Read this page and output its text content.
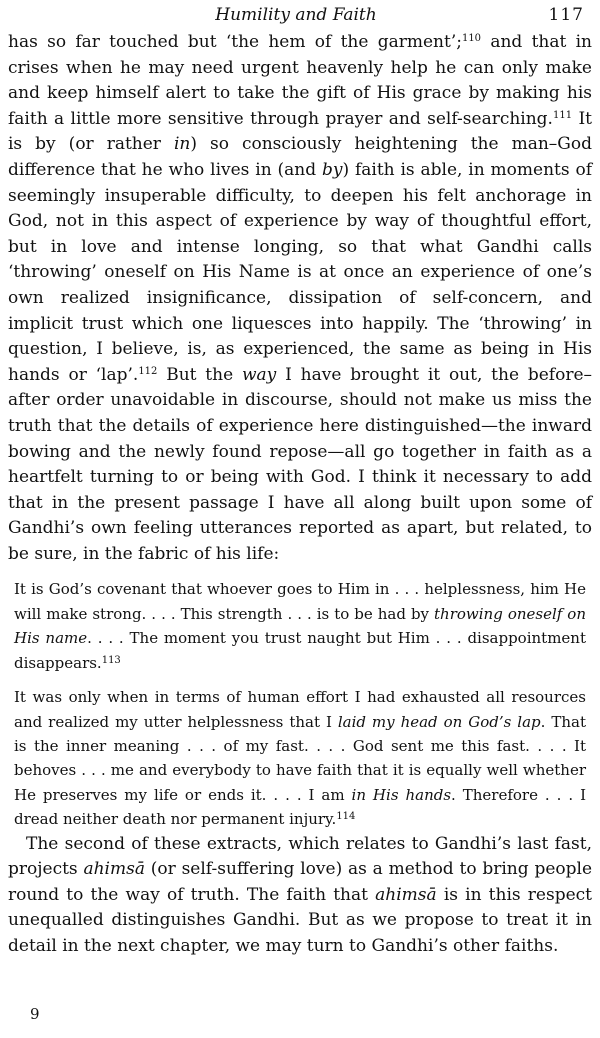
Humility and Faith	117

has so far touched but ‘the hem of the garment’;$^{110}$ and that in crises when he may need urgent heavenly help he can only make and keep himself alert to take the gift of His grace by making his faith a little more sensitive through prayer and self-searching.$^{111}$ It is by (or rather in) so consciously heightening the man–God difference that he who lives in (and by) faith is able, in moments of seemingly insuperable difficulty, to deepen his felt anchorage in God, not in this aspect of experience by way of thoughtful effort, but in love and intense longing, so that what Gandhi calls ‘throwing’ oneself on His Name is at once an experience of one’s own realized insignificance, dissipation of self-concern, and implicit trust which one liquesces into happily. The ‘throwing’ in question, I believe, is, as experienced, the same as being in His hands or ‘lap’.$^{112}$ But the way I have brought it out, the before–after order unavoidable in discourse, should not make us miss the truth that the details of experience here distinguished—the inward bowing and the newly found repose—all go together in faith as a heartfelt turning to or being with God. I think it necessary to add that in the present passage I have all along built upon some of Gandhi’s own feeling utterances reported as apart, but related, to be sure, in the fabric of his life:

It is God’s covenant that whoever goes to Him in . . . helplessness, him He will make strong. . . . This strength . . . is to be had by throwing oneself on His name. . . . The moment you trust naught but Him . . . disappointment disappears.$^{113}$

It was only when in terms of human effort I had exhausted all resources and realized my utter helplessness that I laid my head on God’s lap. That is the inner meaning . . . of my fast. . . . God sent me this fast. . . . It behoves . . . me and everybody to have faith that it is equally well whether He preserves my life or ends it. . . . I am in His hands. Therefore . . . I dread neither death nor permanent injury.$^{114}$

The second of these extracts, which relates to Gandhi’s last fast, projects ahimsā (or self-suffering love) as a method to bring people round to the way of truth. The faith that ahimsā is in this respect unequalled distinguishes Gandhi. But as we propose to treat it in detail in the next chapter, we may turn to Gandhi’s other faiths.

9
